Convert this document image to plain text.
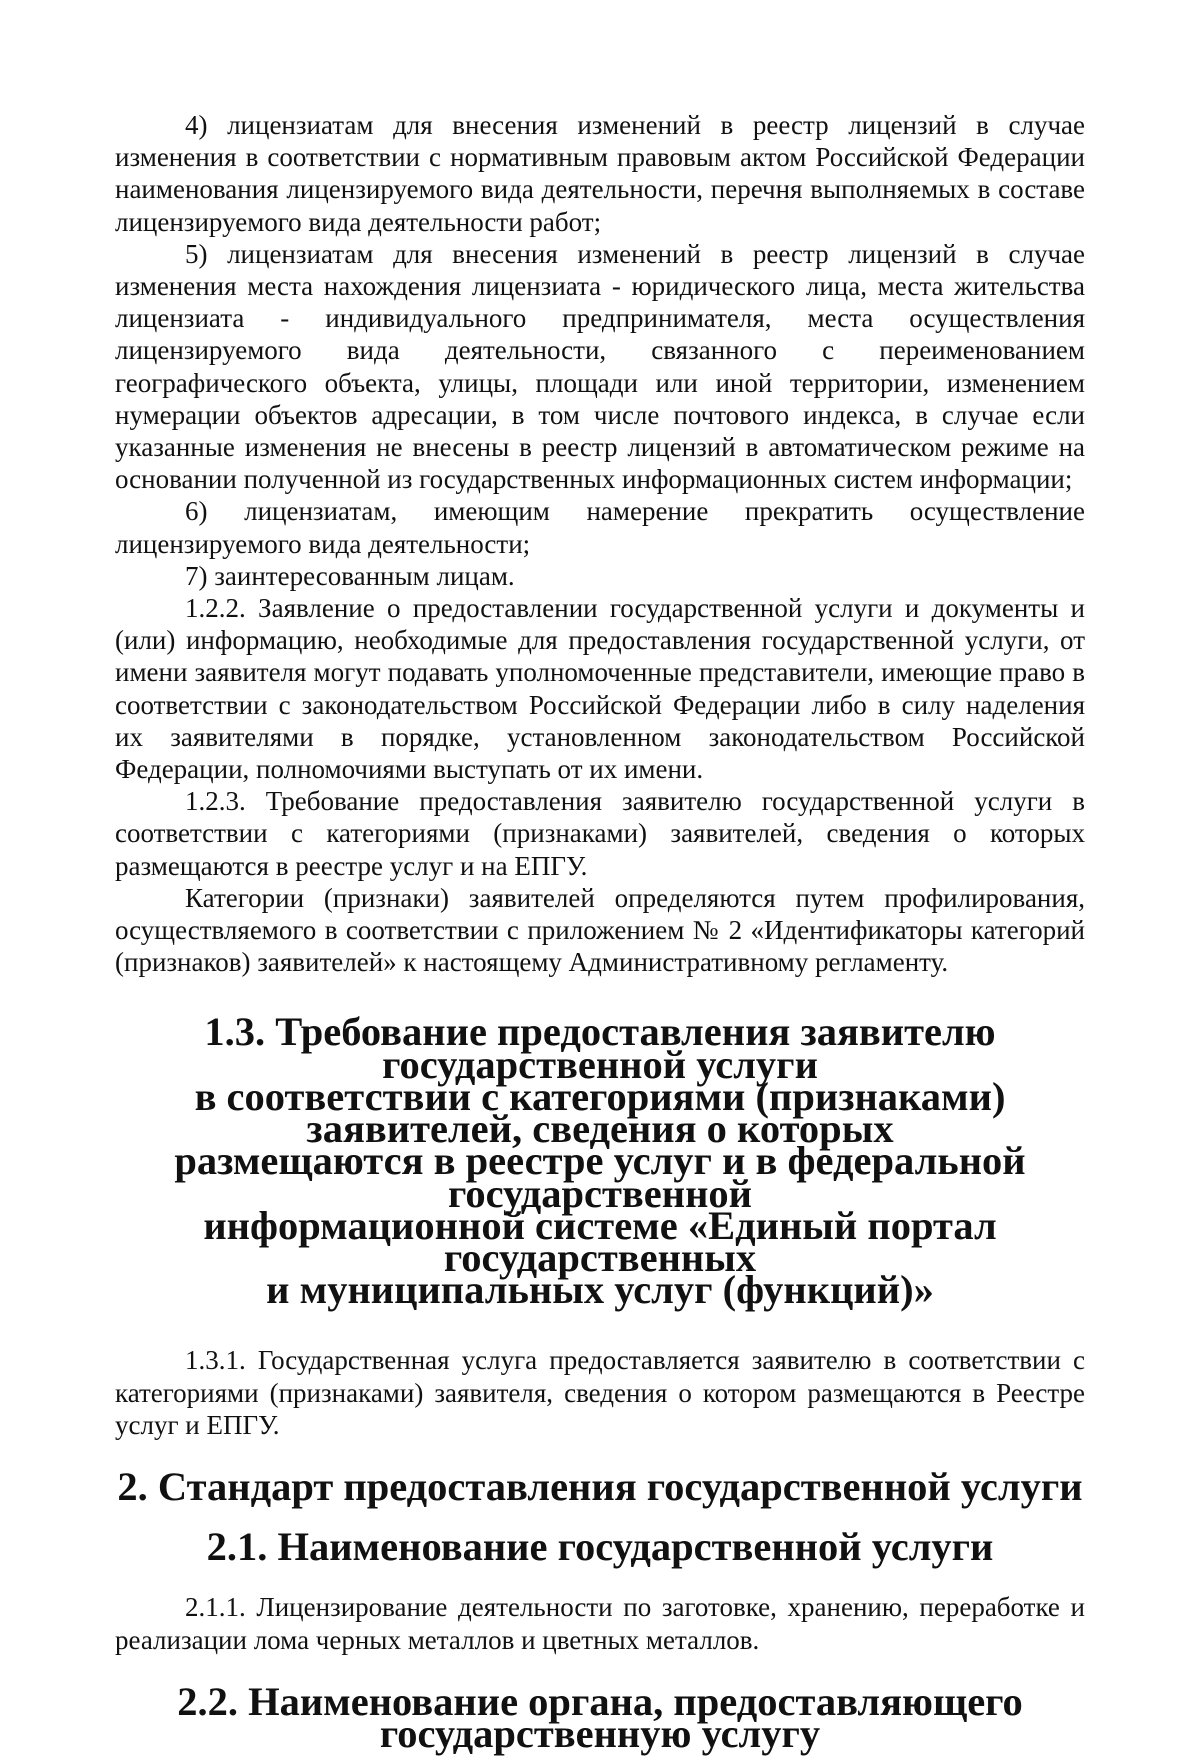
4) лицензиатам для внесения изменений в реестр лицензий в случае изменения в соответствии с нормативным правовым актом Российской Федерации наименования лицензируемого вида деятельности, перечня выполняемых в составе лицензируемого вида деятельности работ;

5) лицензиатам для внесения изменений в реестр лицензий в случае изменения места нахождения лицензиата - юридического лица, места жительства лицензиата - индивидуального предпринимателя, места осуществления лицензируемого вида деятельности, связанного с переименованием географического объекта, улицы, площади или иной территории, изменением нумерации объектов адресации, в том числе почтового индекса, в случае если указанные изменения не внесены в реестр лицензий в автоматическом режиме на основании полученной из государственных информационных систем информации;

6) лицензиатам, имеющим намерение прекратить осуществление лицензируемого вида деятельности;

7) заинтересованным лицам.

1.2.2. Заявление о предоставлении государственной услуги и документы и (или) информацию, необходимые для предоставления государственной услуги, от имени заявителя могут подавать уполномоченные представители, имеющие право в соответствии с законодательством Российской Федерации либо в силу наделения их заявителями в порядке, установленном законодательством Российской Федерации, полномочиями выступать от их имени.

1.2.3. Требование предоставления заявителю государственной услуги в соответствии с категориями (признаками) заявителей, сведения о которых размещаются в реестре услуг и на ЕПГУ.

Категории (признаки) заявителей определяются путем профилирования, осуществляемого в соответствии с приложением № 2 «Идентификаторы категорий (признаков) заявителей» к настоящему Административному регламенту.

1.3. Требование предоставления заявителю государственной услуги
в соответствии с категориями (признаками) заявителей, сведения о которых
размещаются в реестре услуг и в федеральной государственной
информационной системе «Единый портал государственных
и муниципальных услуг (функций)»

1.3.1. Государственная услуга предоставляется заявителю в соответствии с категориями (признаками) заявителя, сведения о котором размещаются в Реестре услуг и ЕПГУ.

2. Стандарт предоставления государственной услуги
2.1. Наименование государственной услуги

2.1.1. Лицензирование деятельности по заготовке, хранению, переработке и реализации лома черных металлов и цветных металлов.

2.2. Наименование органа, предоставляющего государственную услугу
